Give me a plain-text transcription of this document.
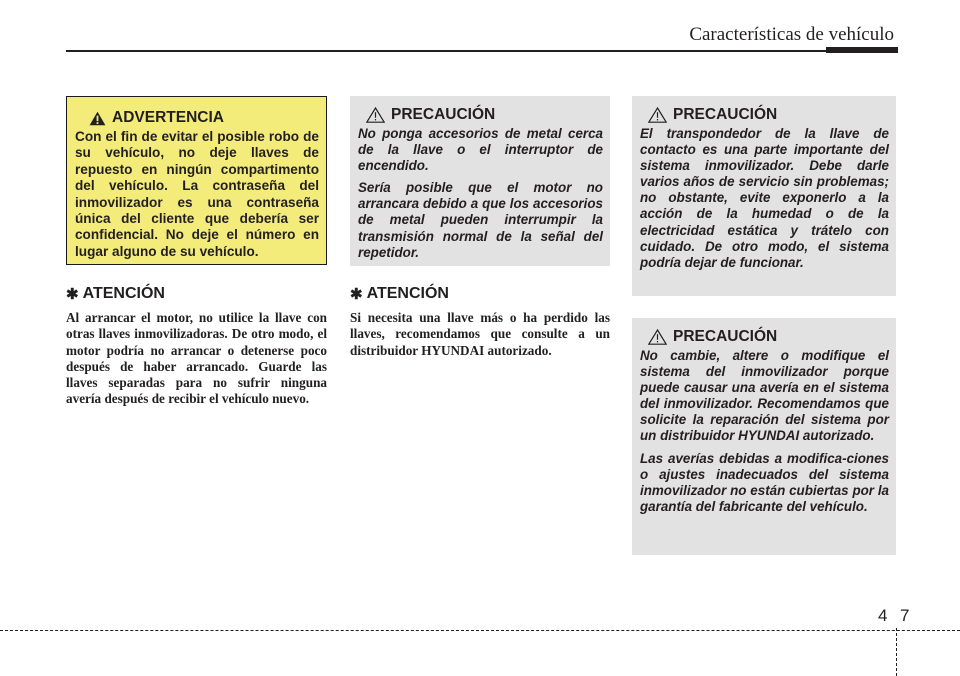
Características de vehículo
ADVERTENCIA
Con el fin de evitar el posible robo de su vehículo, no deje llaves de repuesto en ningún compartimento del vehículo. La contraseña del inmovilizador es una contraseña única del cliente que debería ser confidencial. No deje el número en lugar alguno de su vehículo.
✱ ATENCIÓN
Al arrancar el motor, no utilice la llave con otras llaves inmovilizadoras. De otro modo, el motor podría no arrancar o detenerse poco después de haber arrancado. Guarde las llaves separadas para no sufrir ninguna avería después de recibir el vehículo nuevo.
PRECAUCIÓN

No ponga accesorios de metal cerca de la llave o el interruptor de encendido.

Sería posible que el motor no arrancara debido a que los accesorios de metal pueden interrumpir la transmisión normal de la señal del repetidor.

✱ ATENCIÓN
Si necesita una llave más o ha perdido las llaves, recomendamos que consulte a un distribuidor HYUNDAI autorizado.
PRECAUCIÓN

El transpondedor de la llave de contacto es una parte importante del sistema inmovilizador. Debe darle varios años de servicio sin problemas; no obstante, evite exponerlo a la acción de la humedad o de la electricidad estática y trátelo con cuidado. De otro modo, el sistema podría dejar de funcionar.

PRECAUCIÓN

No cambie, altere o modifique el sistema del inmovilizador porque puede causar una avería en el sistema del inmovilizador. Recomendamos que solicite la reparación del sistema por un distribuidor HYUNDAI autorizado.

Las averías debidas a modifica-ciones o ajustes inadecuados del sistema inmovilizador no están cubiertas por la garantía del fabricante del vehículo.

4 7
